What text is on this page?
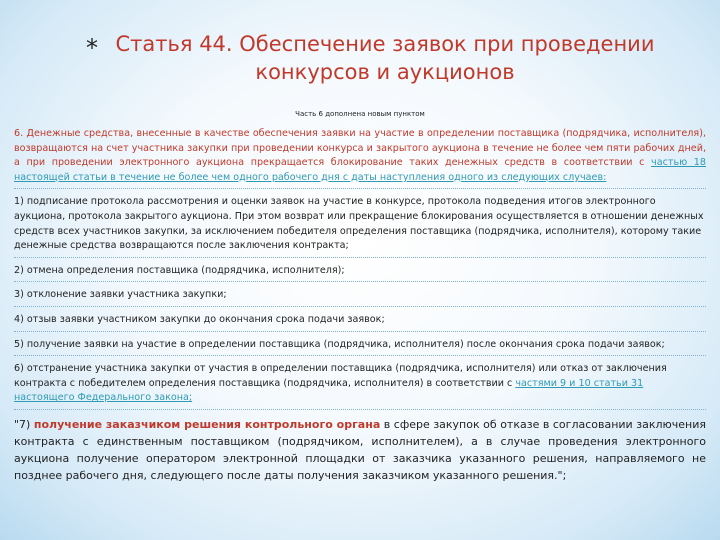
* Статья 44. Обеспечение заявок при проведении
конкурсов и аукционов
Часть 6 дополнена новым пунктом
6. Денежные средства, внесенные в качестве обеспечения заявки на участие в определении поставщика (подрядчика, исполнителя), возвращаются на счет участника закупки при проведении конкурса и закрытого аукциона в течение не более чем пяти рабочих дней, а при проведении электронного аукциона прекращается блокирование таких денежных средств в соответствии с частью 18 настоящей статьи в течение не более чем одного рабочего дня с даты наступления одного из следующих случаев:
1) подписание протокола рассмотрения и оценки заявок на участие в конкурсе, протокола подведения итогов электронного аукциона, протокола закрытого аукциона. При этом возврат или прекращение блокирования осуществляется в отношении денежных средств всех участников закупки, за исключением победителя определения поставщика (подрядчика, исполнителя), которому такие денежные средства возвращаются после заключения контракта;
2) отмена определения поставщика (подрядчика, исполнителя);
3) отклонение заявки участника закупки;
4) отзыв заявки участником закупки до окончания срока подачи заявок;
5) получение заявки на участие в определении поставщика (подрядчика, исполнителя) после окончания срока подачи заявок;
6) отстранение участника закупки от участия в определении поставщика (подрядчика, исполнителя) или отказ от заключения контракта с победителем определения поставщика (подрядчика, исполнителя) в соответствии с частями 9 и 10 статьи 31 настоящего Федерального закона;
"7) получение заказчиком решения контрольного органа в сфере закупок об отказе в согласовании заключения контракта с единственным поставщиком (подрядчиком, исполнителем), а в случае проведения электронного аукциона получение оператором электронной площадки от заказчика указанного решения, направляемого не позднее рабочего дня, следующего после даты получения заказчиком указанного решения.";
